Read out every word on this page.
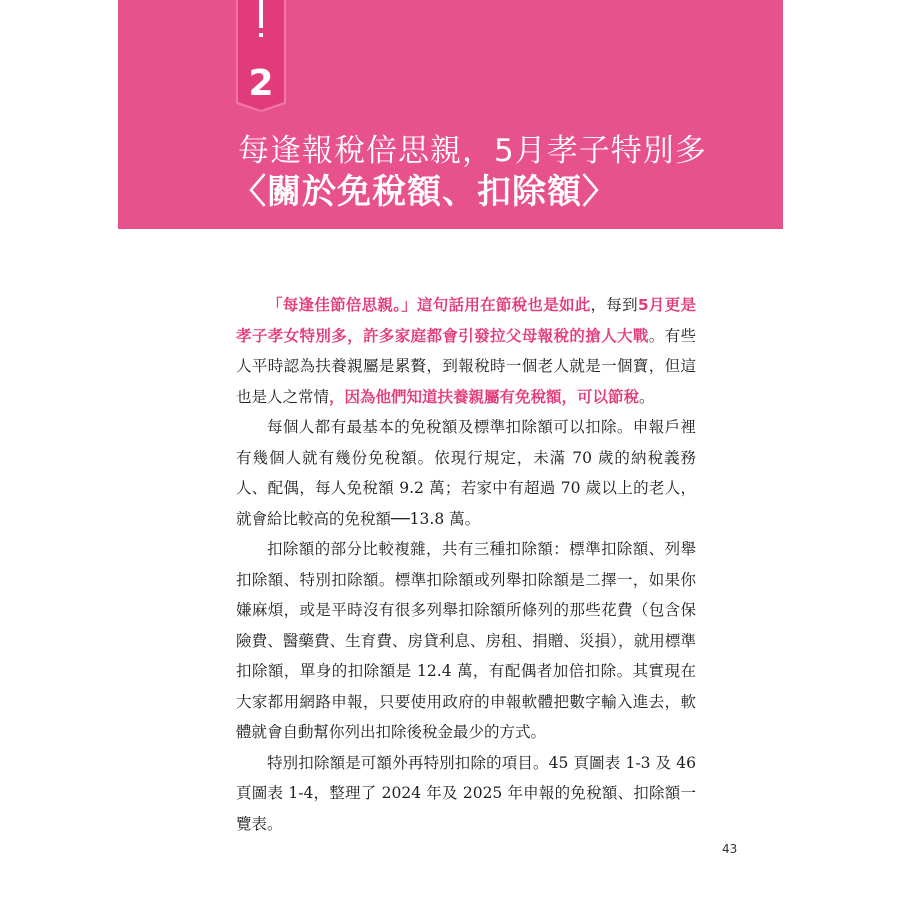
2
每逢報稅倍思親，5月孝子特別多
〈關於免稅額、扣除額〉

「每逢佳節倍思親。」這句話用在節稅也是如此，每到5月更是孝子孝女特別多，許多家庭都會引發拉父母報稅的搶人大戰。有些人平時認為扶養親屬是累贅，到報稅時一個老人就是一個寶，但這也是人之常情，因為他們知道扶養親屬有免稅額，可以節稅。

每個人都有最基本的免稅額及標準扣除額可以扣除。申報戶裡有幾個人就有幾份免稅額。依現行規定，未滿 70 歲的納稅義務人、配偶，每人免稅額 9.2 萬；若家中有超過 70 歲以上的老人，就會給比較高的免稅額──13.8 萬。

扣除額的部分比較複雜，共有三種扣除額：標準扣除額、列舉扣除額、特別扣除額。標準扣除額或列舉扣除額是二擇一，如果你嫌麻煩，或是平時沒有很多列舉扣除額所條列的那些花費（包含保險費、醫藥費、生育費、房貸利息、房租、捐贈、災損），就用標準扣除額，單身的扣除額是 12.4 萬，有配偶者加倍扣除。其實現在大家都用網路申報，只要使用政府的申報軟體把數字輸入進去，軟體就會自動幫你列出扣除後稅金最少的方式。

特別扣除額是可額外再特別扣除的項目。45 頁圖表 1-3 及 46 頁圖表 1-4，整理了 2024 年及 2025 年申報的免稅額、扣除額一覽表。

43
